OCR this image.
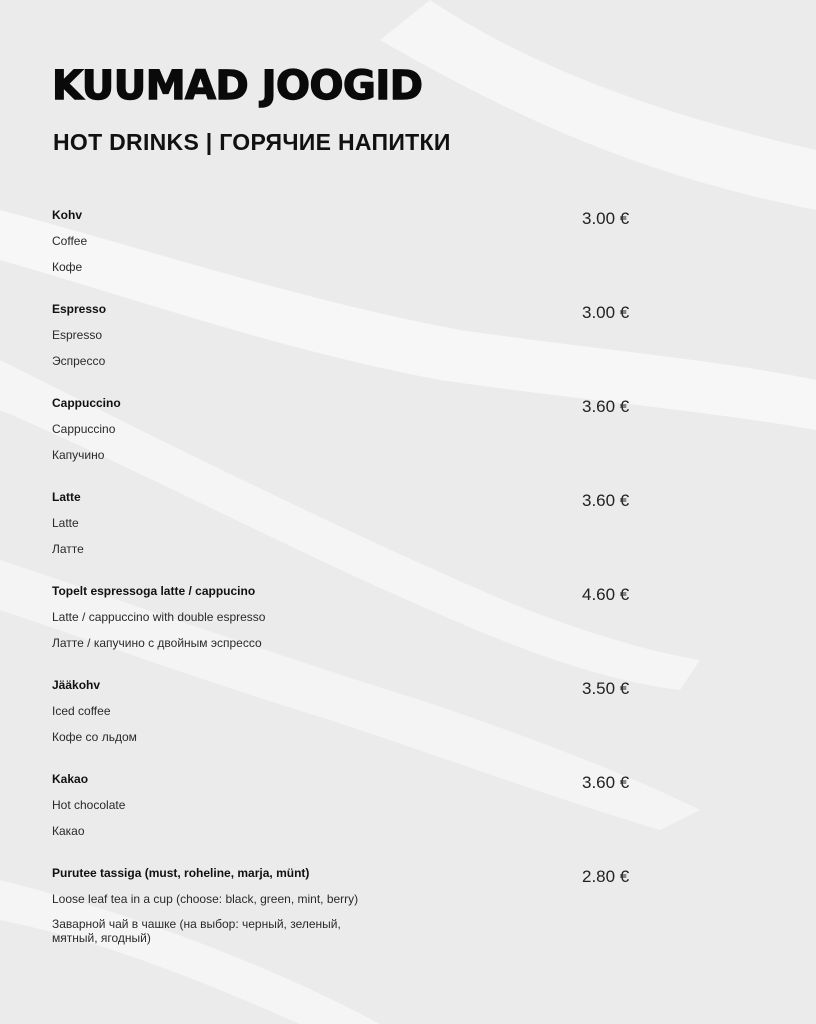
KUUMAD JOOGID
HOT DRINKS | ГОРЯЧИЕ НАПИТКИ
Kohv
Coffee
Кофе
3.00 €
Espresso
Espresso
Эспрессо
3.00 €
Cappuccino
Cappuccino
Капучино
3.60 €
Latte
Latte
Латте
3.60 €
Topelt espressoga latte / cappucino
Latte / cappuccino with double espresso
Латте / капучино с двойным эспрессо
4.60 €
Jääkohv
Iced coffee
Кофе со льдом
3.50 €
Kakao
Hot chocolate
Какао
3.60 €
Purutee tassiga (must, roheline, marja, münt)
Loose leaf tea in a cup (choose: black, green, mint, berry)
Заварной чай в чашке (на выбор: черный, зеленый, мятный, ягодный)
2.80 €
